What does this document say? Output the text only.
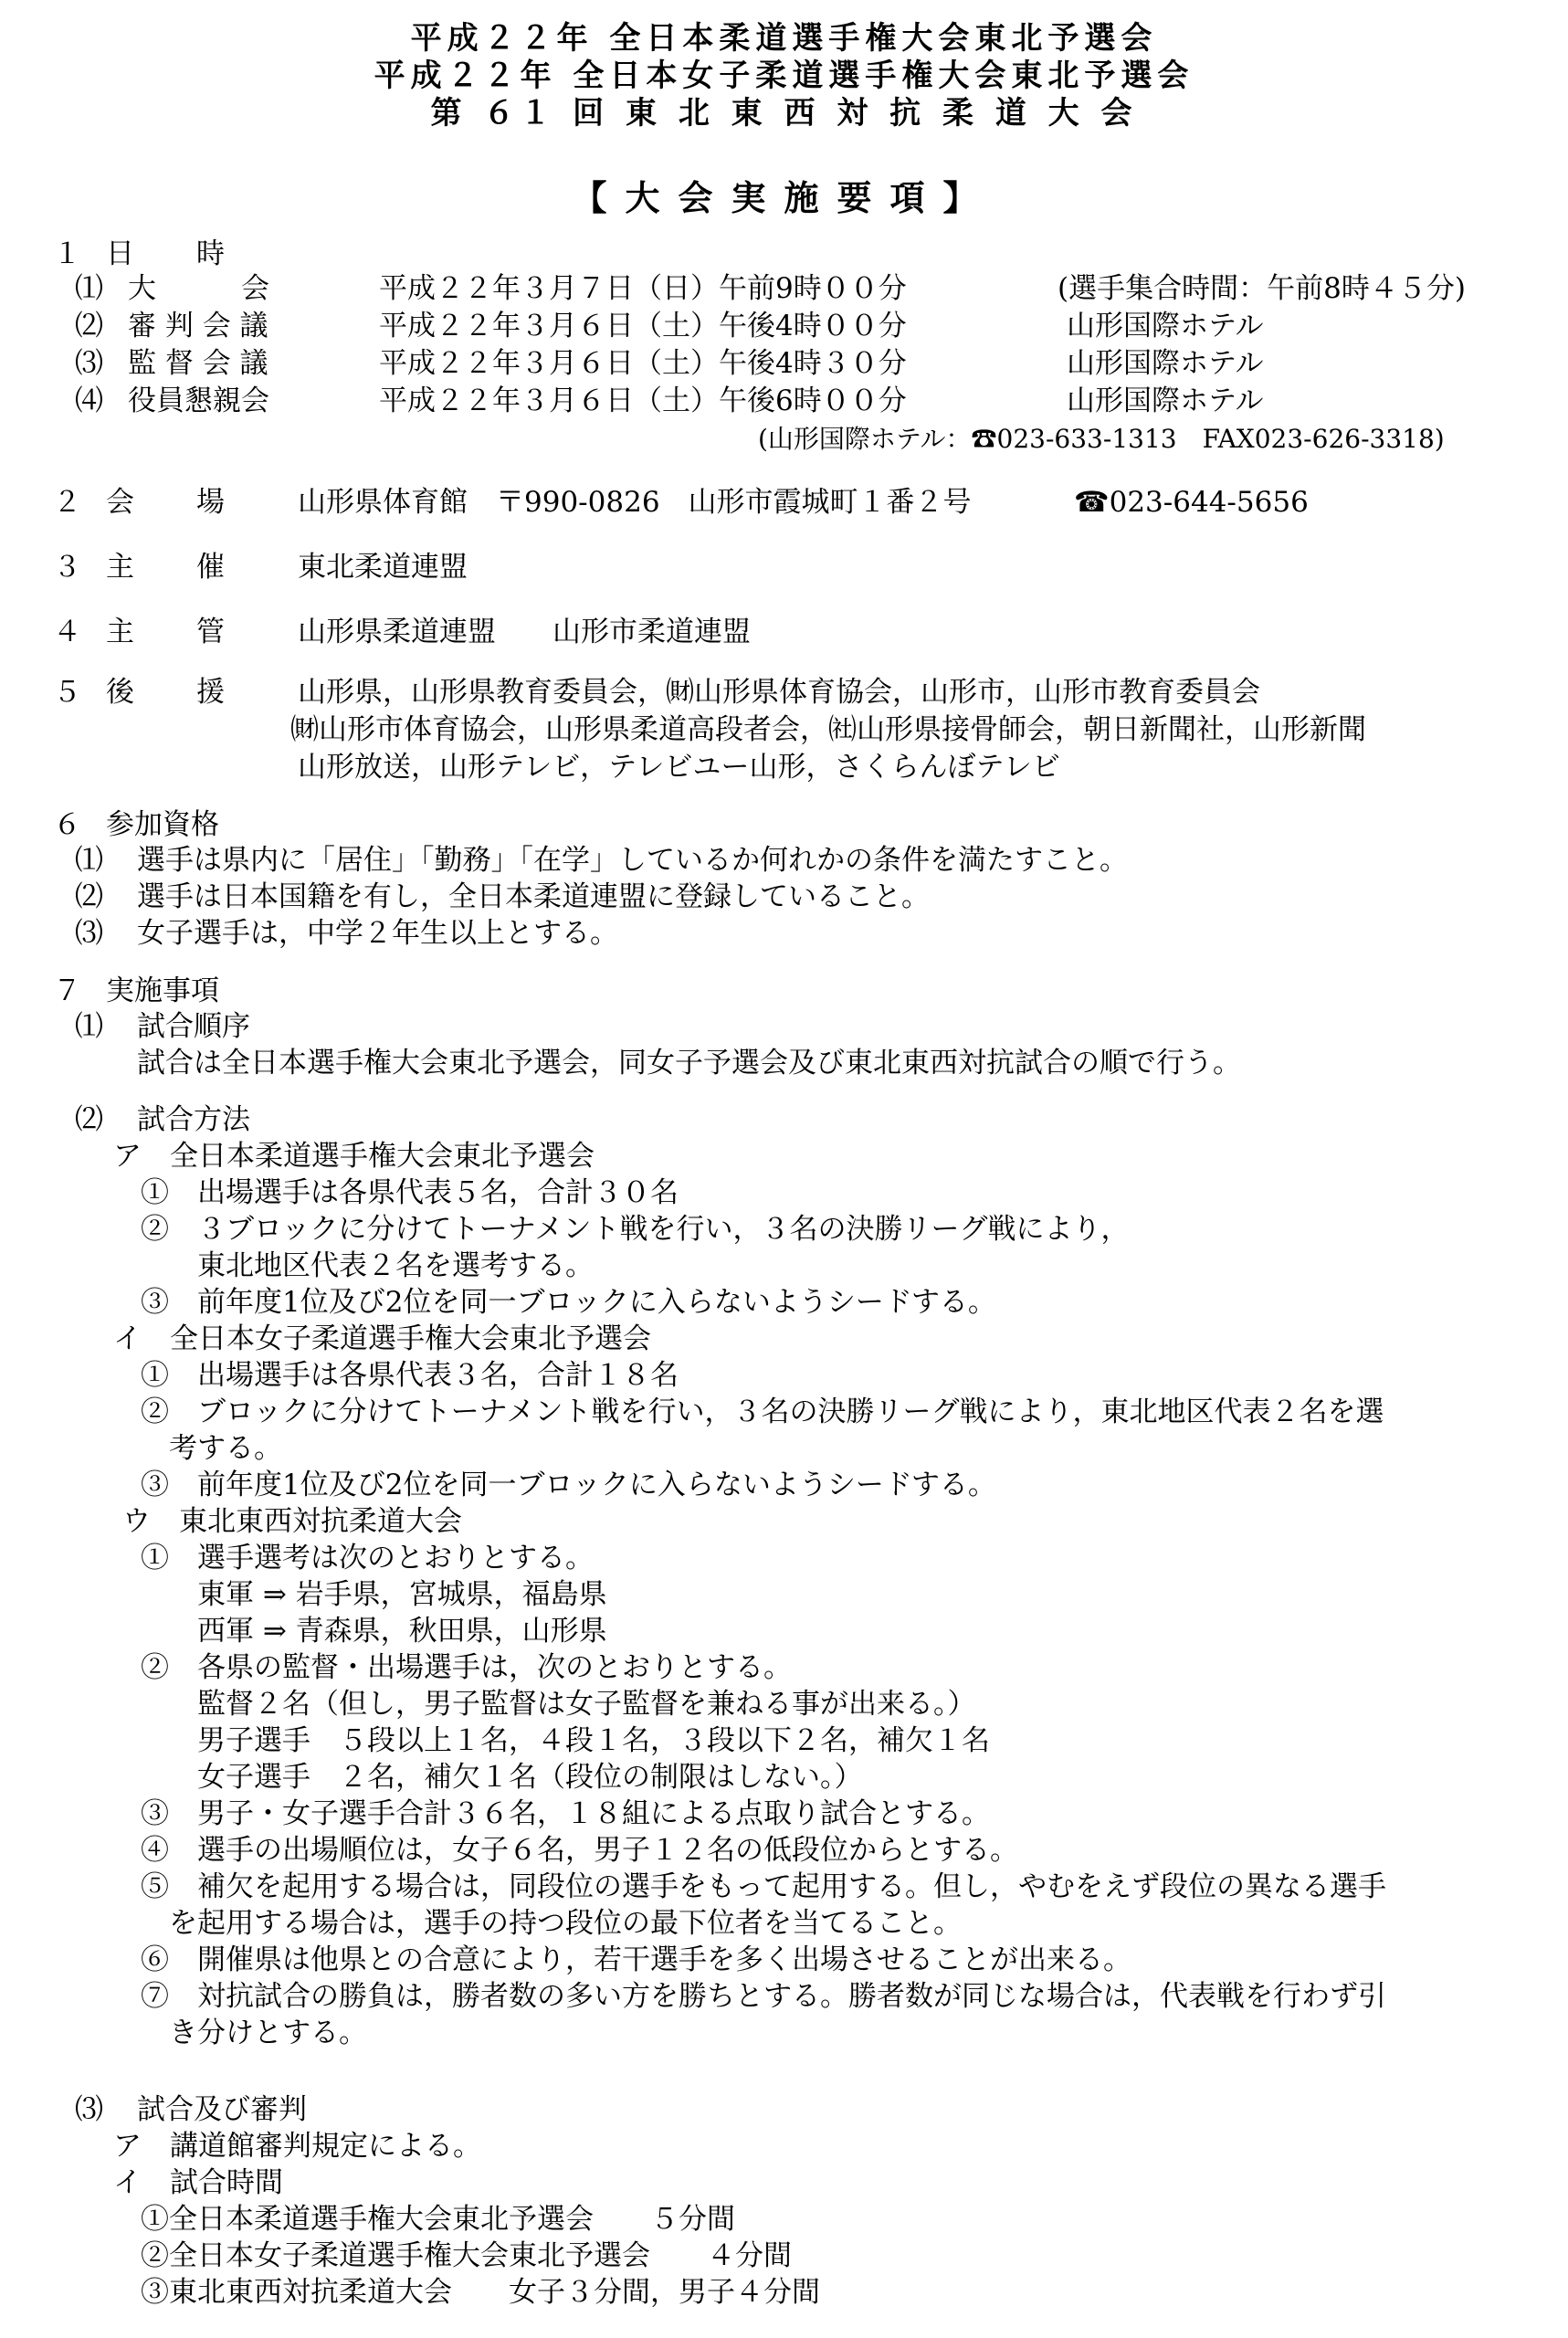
平成２２年 全日本柔道選手権大会東北予選会
平成２２年 全日本女子柔道選手権大会東北予選会
第 ６１ 回 東 北 東 西 対 抗 柔 道 大 会
【大会実施要項】
１ 日　　時
⑴ 大　　　会	平成２２年３月７日（日）午前9時００分	(選手集合時間：午前8時４５分)
⑵ 審 判 会 議	平成２２年３月６日（土）午後4時００分	山形国際ホテル
⑶ 監 督 会 議	平成２２年３月６日（土）午後4時３０分	山形国際ホテル
⑷ 役員懇親会	平成２２年３月６日（土）午後6時００分	山形国際ホテル
(山形国際ホテル：☎023-633-1313　FAX023-626-3318)
２ 会　　場	山形県体育館　〒990-0826　山形市霞城町１番２号	☎023-644-5656
３ 主　　催	東北柔道連盟
４ 主　　管	山形県柔道連盟　　山形市柔道連盟
５ 後　　援	山形県，山形県教育委員会，㈶山形県体育協会，山形市，山形市教育委員会
㈶山形市体育協会，山形県柔道高段者会，㈳山形県接骨師会，朝日新聞社，山形新聞
山形放送，山形テレビ，テレビユー山形，さくらんぼテレビ
６ 参加資格
⑴ 選手は県内に「居住」「勤務」「在学」しているか何れかの条件を満たすこと。
⑵ 選手は日本国籍を有し，全日本柔道連盟に登録していること。
⑶ 女子選手は，中学２年生以上とする。
７ 実施事項
⑴ 試合順序
試合は全日本選手権大会東北予選会，同女子予選会及び東北東西対抗試合の順で行う。
⑵ 試合方法
ア　全日本柔道選手権大会東北予選会
①　出場選手は各県代表５名，合計３０名
②　３ブロックに分けてトーナメント戦を行い，３名の決勝リーグ戦により，
　　東北地区代表２名を選考する。
③　前年度1位及び2位を同一ブロックに入らないようシードする。
イ　全日本女子柔道選手権大会東北予選会
①　出場選手は各県代表３名，合計１８名
②　ブロックに分けてトーナメント戦を行い，３名の決勝リーグ戦により，東北地区代表２名を選
　考する。
③　前年度1位及び2位を同一ブロックに入らないようシードする。
ウ　東北東西対抗柔道大会
①　選手選考は次のとおりとする。
　　東軍 ⇒ 岩手県，宮城県，福島県
　　西軍 ⇒ 青森県，秋田県，山形県
②　各県の監督・出場選手は，次のとおりとする。
　　監督２名（但し，男子監督は女子監督を兼ねる事が出来る。）
　　男子選手　５段以上１名，４段１名，３段以下２名，補欠１名
　　女子選手　２名，補欠１名（段位の制限はしない。）
③　男子・女子選手合計３６名，１８組による点取り試合とする。
④　選手の出場順位は，女子６名，男子１２名の低段位からとする。
⑤　補欠を起用する場合は，同段位の選手をもって起用する。但し，やむをえず段位の異なる選手
　を起用する場合は，選手の持つ段位の最下位者を当てること。
⑥　開催県は他県との合意により，若干選手を多く出場させることが出来る。
⑦　対抗試合の勝負は，勝者数の多い方を勝ちとする。勝者数が同じな場合は，代表戦を行わず引
　き分けとする。
⑶ 試合及び審判
ア　講道館審判規定による。
イ　試合時間
①全日本柔道選手権大会東北予選会　　５分間
②全日本女子柔道選手権大会東北予選会　　４分間
③東北東西対抗柔道大会　　女子３分間，男子４分間
